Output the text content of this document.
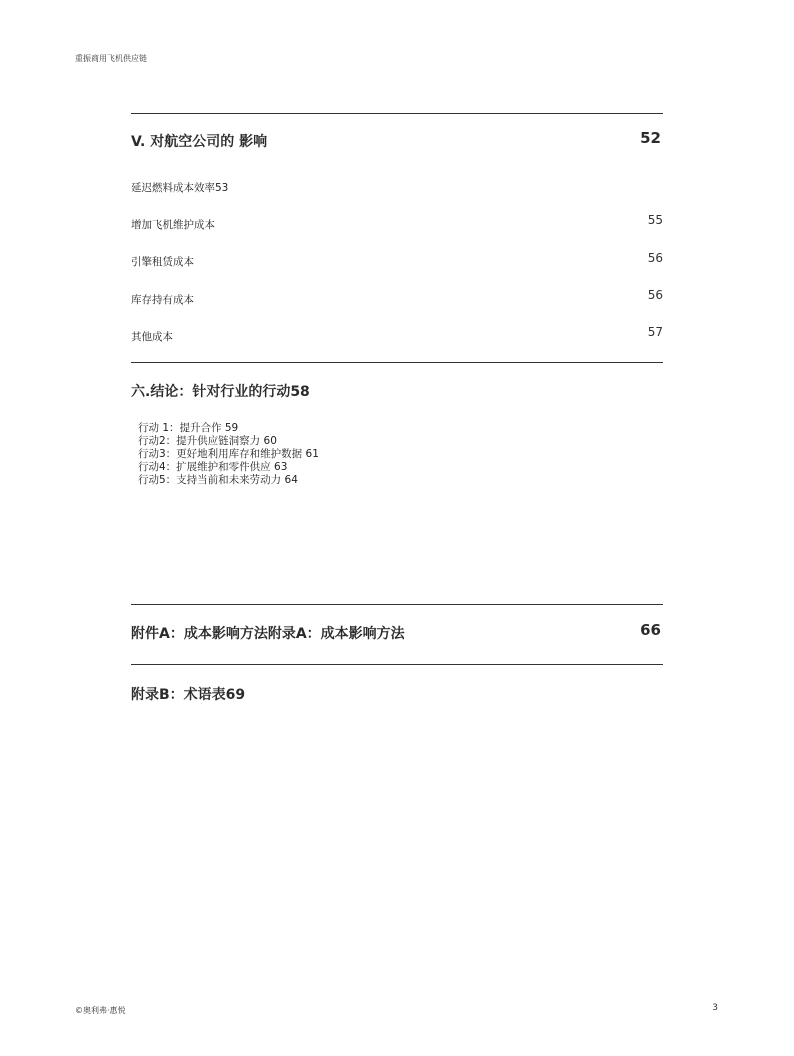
重振商用飞机供应链
V. 对航空公司的 影响	52
延迟燃料成本效率53
增加飞机维护成本	55
引擎租赁成本	56
库存持有成本	56
其他成本	57
六.结论：针对行业的行动58
行动 1：提升合作 59
行动2：提升供应链洞察力 60
行动3：更好地利用库存和维护数据 61
行动4：扩展维护和零件供应 63
行动5：支持当前和未来劳动力 64
附件A：成本影响方法附录A：成本影响方法	66
附录B：术语表69
©奥利弗·惠悦	3
